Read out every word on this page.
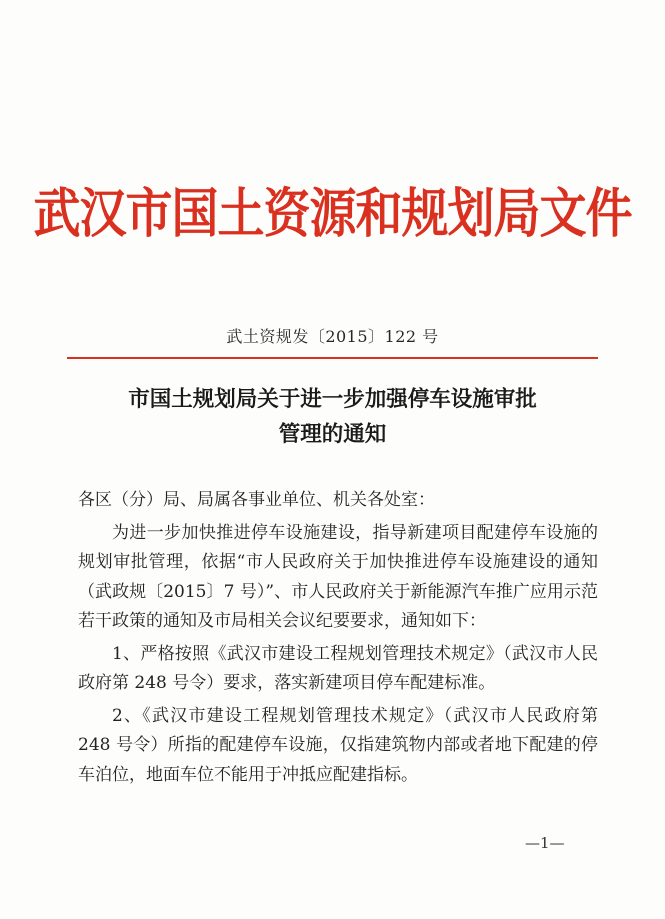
武汉市国土资源和规划局文件
武土资规发〔2015〕122 号
市国土规划局关于进一步加强停车设施审批
管理的通知

各区（分）局、局属各事业单位、机关各处室：

为进一步加快推进停车设施建设，指导新建项目配建停车设施的规划审批管理，依据“市人民政府关于加快推进停车设施建设的通知（武政规〔2015〕7 号）”、市人民政府关于新能源汽车推广应用示范若干政策的通知及市局相关会议纪要要求，通知如下：

1、严格按照《武汉市建设工程规划管理技术规定》（武汉市人民政府第 248 号令）要求，落实新建项目停车配建标准。

2、《武汉市建设工程规划管理技术规定》（武汉市人民政府第 248 号令）所指的配建停车设施，仅指建筑物内部或者地下配建的停车泊位，地面车位不能用于冲抵应配建指标。

—1—
